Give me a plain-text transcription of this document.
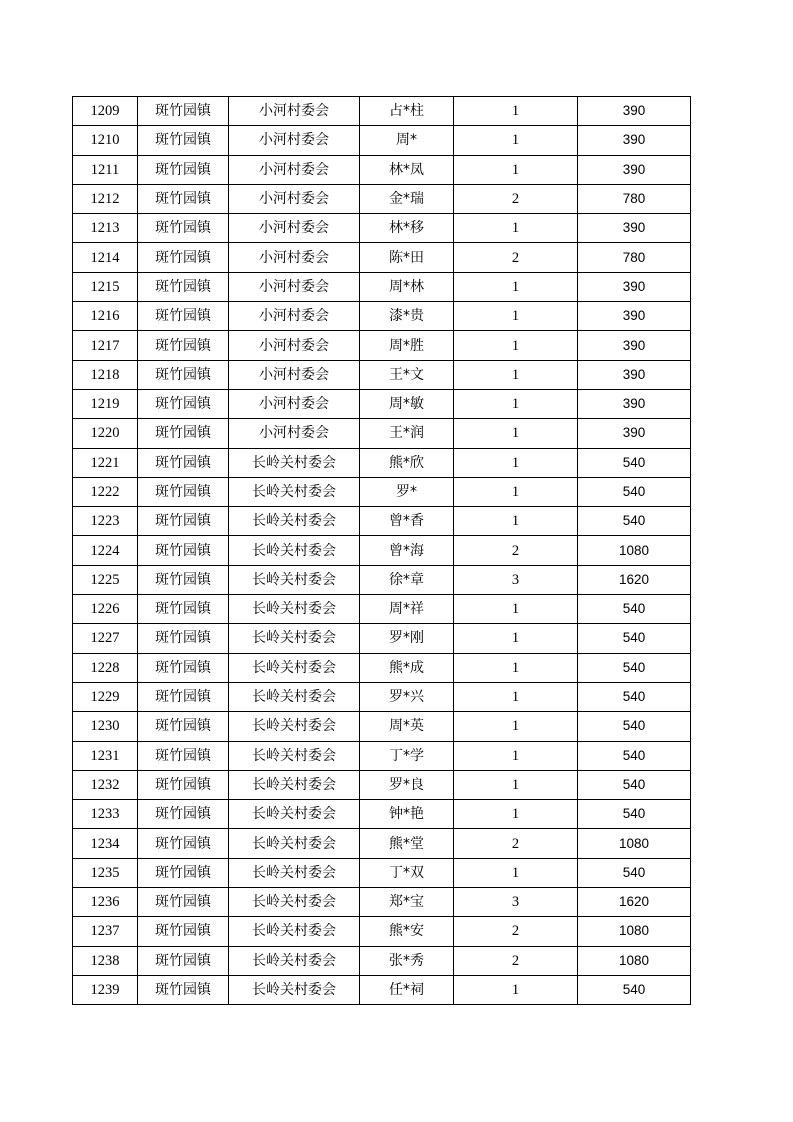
1209	斑竹园镇	小河村委会	占*柱	1	390
1210	斑竹园镇	小河村委会	周*	1	390
1211	斑竹园镇	小河村委会	林*凤	1	390
1212	斑竹园镇	小河村委会	金*瑞	2	780
1213	斑竹园镇	小河村委会	林*移	1	390
1214	斑竹园镇	小河村委会	陈*田	2	780
1215	斑竹园镇	小河村委会	周*林	1	390
1216	斑竹园镇	小河村委会	漆*贵	1	390
1217	斑竹园镇	小河村委会	周*胜	1	390
1218	斑竹园镇	小河村委会	王*文	1	390
1219	斑竹园镇	小河村委会	周*敏	1	390
1220	斑竹园镇	小河村委会	王*润	1	390
1221	斑竹园镇	长岭关村委会	熊*欣	1	540
1222	斑竹园镇	长岭关村委会	罗*	1	540
1223	斑竹园镇	长岭关村委会	曾*香	1	540
1224	斑竹园镇	长岭关村委会	曾*海	2	1080
1225	斑竹园镇	长岭关村委会	徐*章	3	1620
1226	斑竹园镇	长岭关村委会	周*祥	1	540
1227	斑竹园镇	长岭关村委会	罗*刚	1	540
1228	斑竹园镇	长岭关村委会	熊*成	1	540
1229	斑竹园镇	长岭关村委会	罗*兴	1	540
1230	斑竹园镇	长岭关村委会	周*英	1	540
1231	斑竹园镇	长岭关村委会	丁*学	1	540
1232	斑竹园镇	长岭关村委会	罗*良	1	540
1233	斑竹园镇	长岭关村委会	钟*艳	1	540
1234	斑竹园镇	长岭关村委会	熊*堂	2	1080
1235	斑竹园镇	长岭关村委会	丁*双	1	540
1236	斑竹园镇	长岭关村委会	郑*宝	3	1620
1237	斑竹园镇	长岭关村委会	熊*安	2	1080
1238	斑竹园镇	长岭关村委会	张*秀	2	1080
1239	斑竹园镇	长岭关村委会	任*祠	1	540
